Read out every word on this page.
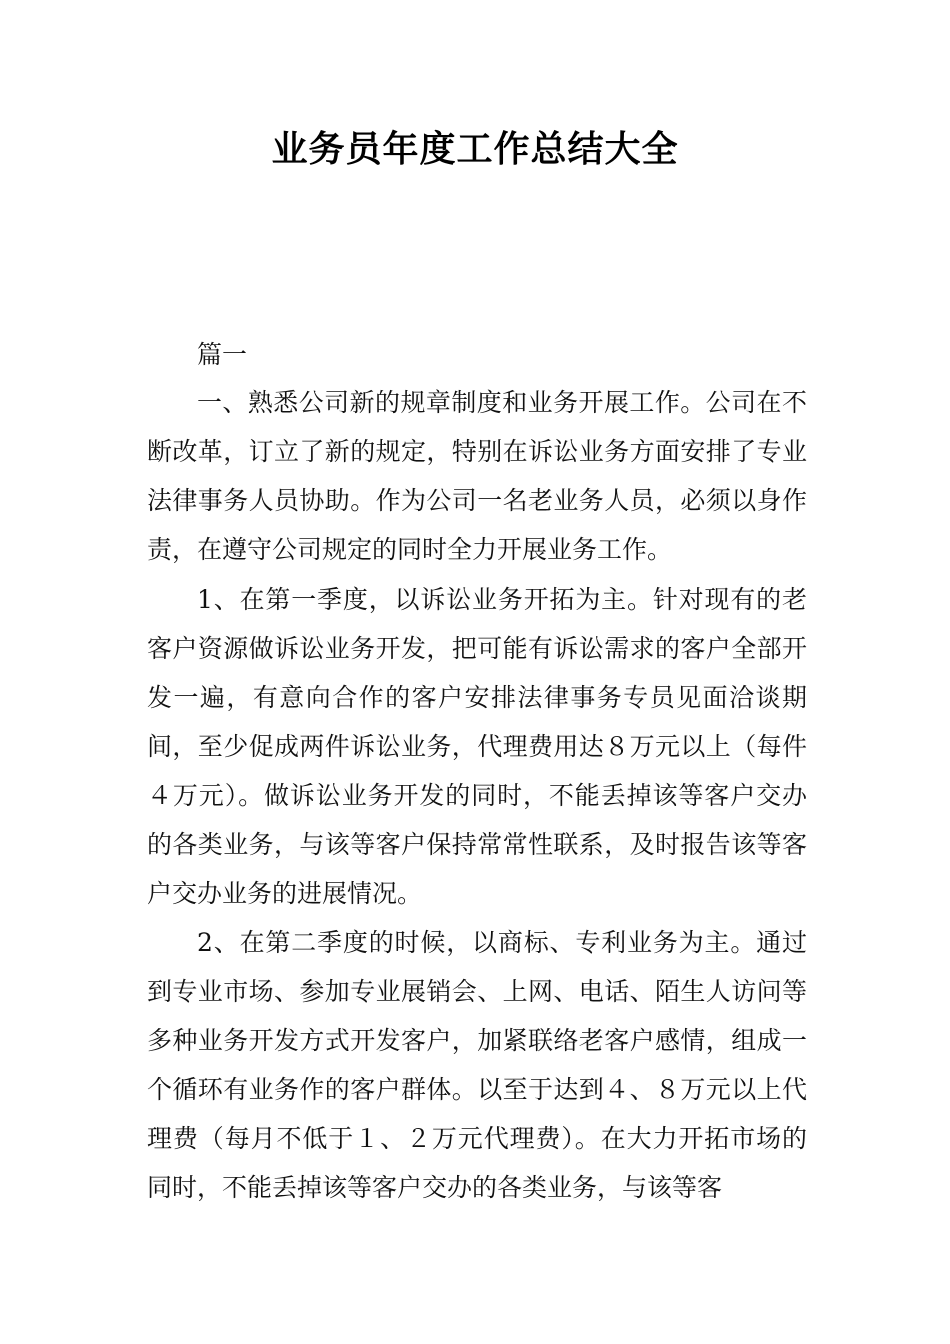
业务员年度工作总结大全
篇一

一、熟悉公司新的规章制度和业务开展工作。公司在不断改革，订立了新的规定，特别在诉讼业务方面安排了专业法律事务人员协助。作为公司一名老业务人员，必须以身作责，在遵守公司规定的同时全力开展业务工作。

1、在第一季度，以诉讼业务开拓为主。针对现有的老客户资源做诉讼业务开发，把可能有诉讼需求的客户全部开发一遍，有意向合作的客户安排法律事务专员见面洽谈期间，至少促成两件诉讼业务，代理费用达８万元以上（每件４万元）。做诉讼业务开发的同时，不能丢掉该等客户交办的各类业务，与该等客户保持常常性联系，及时报告该等客户交办业务的进展情况。

2、在第二季度的时候，以商标、专利业务为主。通过到专业市场、参加专业展销会、上网、电话、陌生人访问等多种业务开发方式开发客户，加紧联络老客户感情，组成一个循环有业务作的客户群体。以至于达到４、８万元以上代理费（每月不低于１、２万元代理费）。在大力开拓市场的同时，不能丢掉该等客户交办的各类业务，与该等客
